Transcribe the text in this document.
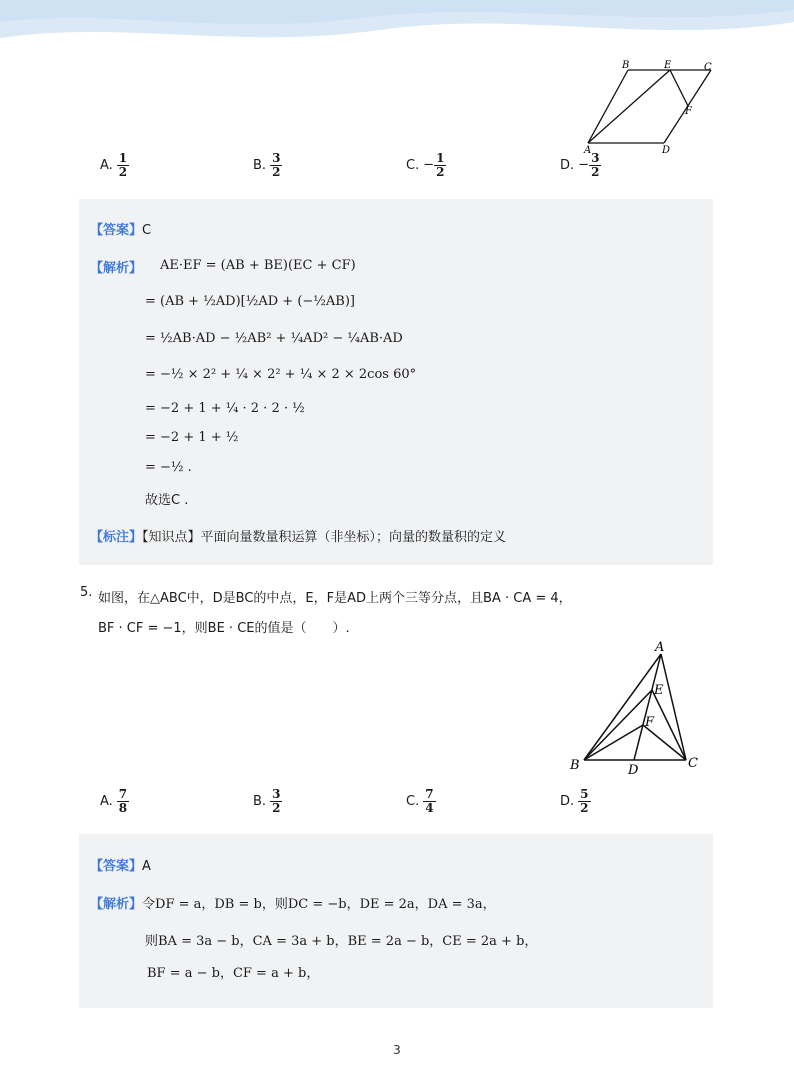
B	E	C
F
A	D
A. $\frac{1}{2}$	B. $\frac{3}{2}$	C. − $\frac{1}{2}$	D. − $\frac{3}{2}$
【答案】C
【解析】 AE·EF = (AB + BE)(EC + CF)
= (AB + ½AD)[½AD + (−½AB)]
= ½AB·AD − ½AB² + ¼AD² − ¼AB·AD
= −½ × 2² + ¼ × 2² + ¼ × 2 × 2cos 60°
= −2 + 1 + ¼ · 2 · 2 · ½
= −2 + 1 + ½
= −½ .
故选C .
【标注】【知识点】平面向量数量积运算（非坐标）；向量的数量积的定义
5. 如图，在△ABC中，D是BC的中点，E，F是AD上两个三等分点，且BA · CA = 4，
BF · CF = −1，则BE · CE的值是（　　）.
A
E
F
B	D	C
A. $\frac{7}{8}$	B. $\frac{3}{2}$	C. $\frac{7}{4}$	D. $\frac{5}{2}$
【答案】A
【解析】令DF = a，DB = b，则DC = −b，DE = 2a，DA = 3a，
则BA = 3a − b，CA = 3a + b，BE = 2a − b，CE = 2a + b，
BF = a − b，CF = a + b，
3
